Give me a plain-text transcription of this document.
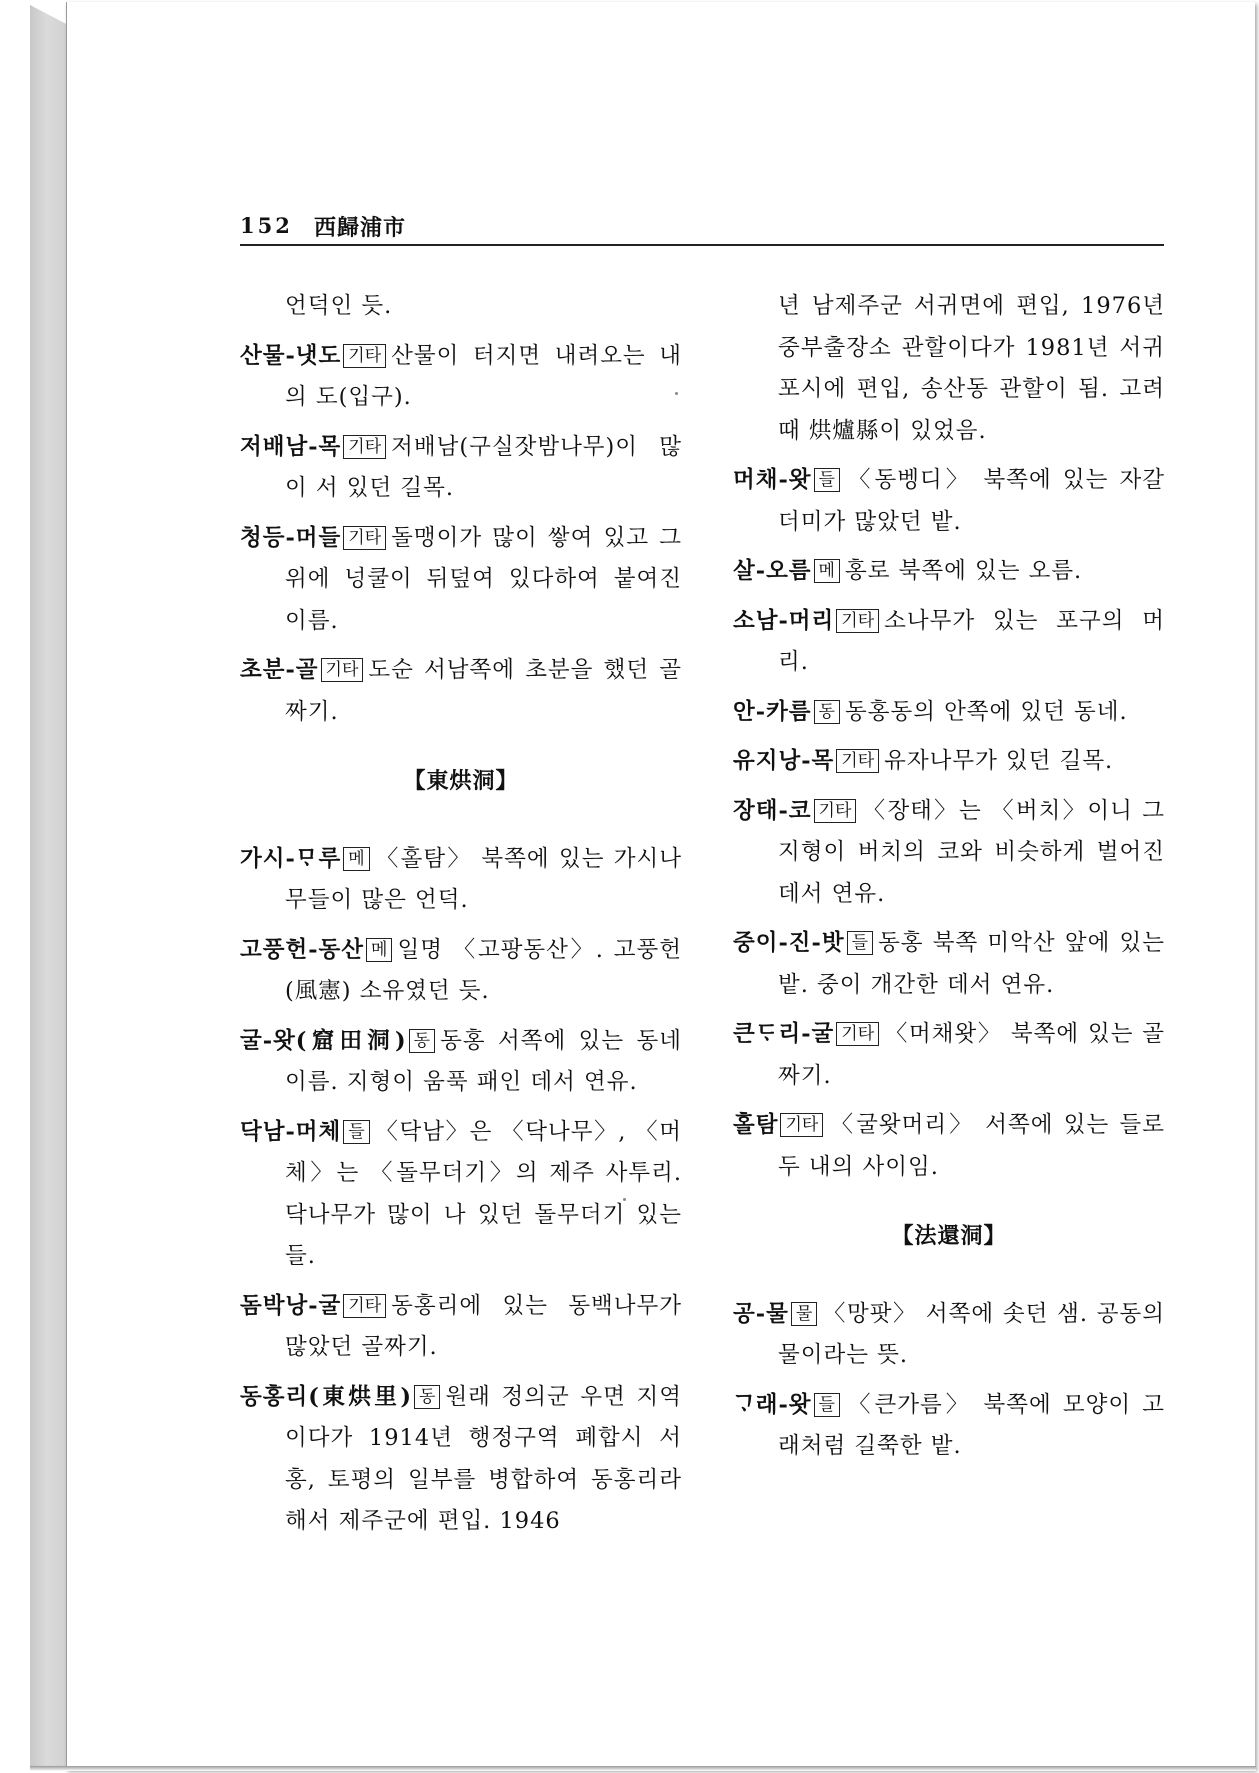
152 西歸浦市

언덕인 듯.

산물-냇도 기타 산물이 터지면 내려오는 내의 도(입구).

저배남-목 기타 저배남(구실잣밤나무)이 많이 서 있던 길목.

청등-머들 기타 돌맹이가 많이 쌓여 있고 그 위에 넝쿨이 뒤덮여 있다하여 붙여진 이름.

초분-골 기타 도순 서남쪽에 초분을 했던 골짜기.

【東烘洞】

가시-ᄆᆞ루 메 〈홀탐〉 북쪽에 있는 가시나무들이 많은 언덕.

고풍헌-동산 메 일명 〈고팡동산〉. 고풍헌(風憲) 소유였던 듯.

굴-왓(窟田洞) 동 동홍 서쪽에 있는 동네 이름. 지형이 움푹 패인 데서 연유.

닥남-머체 들 〈닥남〉은 〈닥나무〉, 〈머체〉는 〈돌무더기〉의 제주 사투리. 닥나무가 많이 나 있던 돌무더기 있는 들.

돔박낭-굴 기타 동홍리에 있는 동백나무가 많았던 골짜기.

동홍리(東烘里) 동 원래 정의군 우면 지역이다가 1914년 행정구역 폐합시 서홍, 토평의 일부를 병합하여 동홍리라 해서 제주군에 편입. 1946

년 남제주군 서귀면에 편입, 1976년 중부출장소 관할이다가 1981년 서귀포시에 편입, 송산동 관할이 됨. 고려 때 烘爐縣이 있었음.

머채-왓 들 〈동벵디〉 북쪽에 있는 자갈더미가 많았던 밭.

살-오름 메 홍로 북쪽에 있는 오름.

소남-머리 기타 소나무가 있는 포구의 머리.

안-카름 동 동홍동의 안쪽에 있던 동네.

유지낭-목 기타 유자나무가 있던 길목.

장태-코 기타 〈장태〉는 〈버치〉이니 그 지형이 버치의 코와 비슷하게 벌어진 데서 연유.

중이-진-밧 들 동홍 북쪽 미악산 앞에 있는 밭. 중이 개간한 데서 연유.

큰ᄃᆞ리-굴 기타 〈머채왓〉 북쪽에 있는 골짜기.

홀탐 기타 〈굴왓머리〉 서쪽에 있는 들로 두 내의 사이임.

【法還洞】

공-물 물 〈망팟〉 서쪽에 솟던 샘. 공동의 물이라는 뜻.

ᄀᆞ래-왓 들 〈큰가름〉 북쪽에 모양이 고래처럼 길쭉한 밭.
